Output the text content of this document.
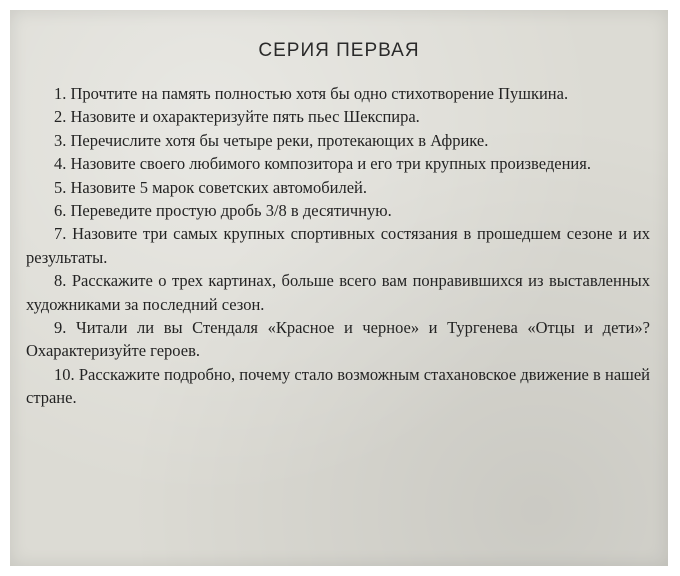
СЕРИЯ ПЕРВАЯ

1. Прочтите на память полностью хотя бы одно стихотворение Пушкина.

2. Назовите и охарактеризуйте пять пьес Шекспира.

3. Перечислите хотя бы четыре реки, протекающих в Африке.

4. Назовите своего любимого композитора и его три крупных произведения.

5. Назовите 5 марок советских автомобилей.

6. Переведите простую дробь 3/8 в десятичную.

7. Назовите три самых крупных спортивных состязания в прошедшем сезоне и их результаты.

8. Расскажите о трех картинах, больше всего вам понравившихся из выставленных художниками за последний сезон.

9. Читали ли вы Стендаля «Красное и черное» и Тургенева «Отцы и дети»? Охарактеризуйте героев.

10. Расскажите подробно, почему стало возможным стахановское движение в нашей стране.
